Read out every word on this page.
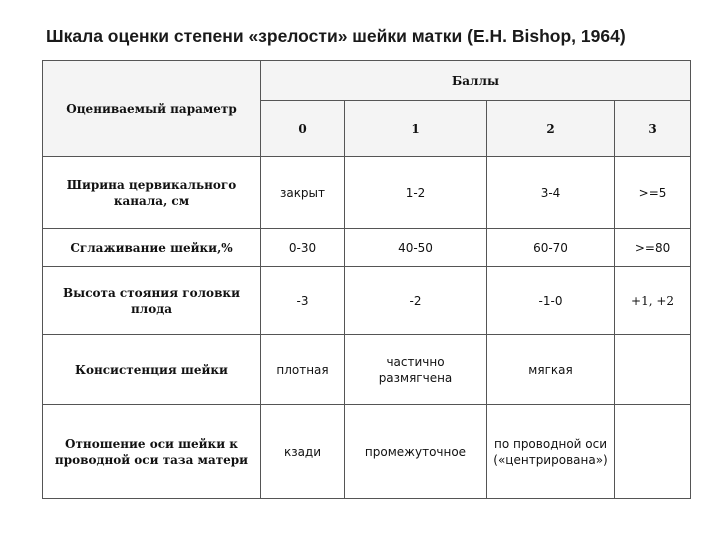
Шкала оценки степени «зрелости» шейки матки (E.H. Bishop, 1964)
Оцениваемый параметр	Баллы			
	0	1	2	3
Ширина цервикального канала, см	закрыт	1-2	3-4	>=5
Сглаживание шейки,%	0-30	40-50	60-70	>=80
Высота стояния головки плода	-3	-2	-1-0	+1, +2
Консистенция шейки	плотная	частично размягчена	мягкая	
Отношение оси шейки к проводной оси таза матери	кзади	промежуточное	по проводной оси («центрирована»)	
